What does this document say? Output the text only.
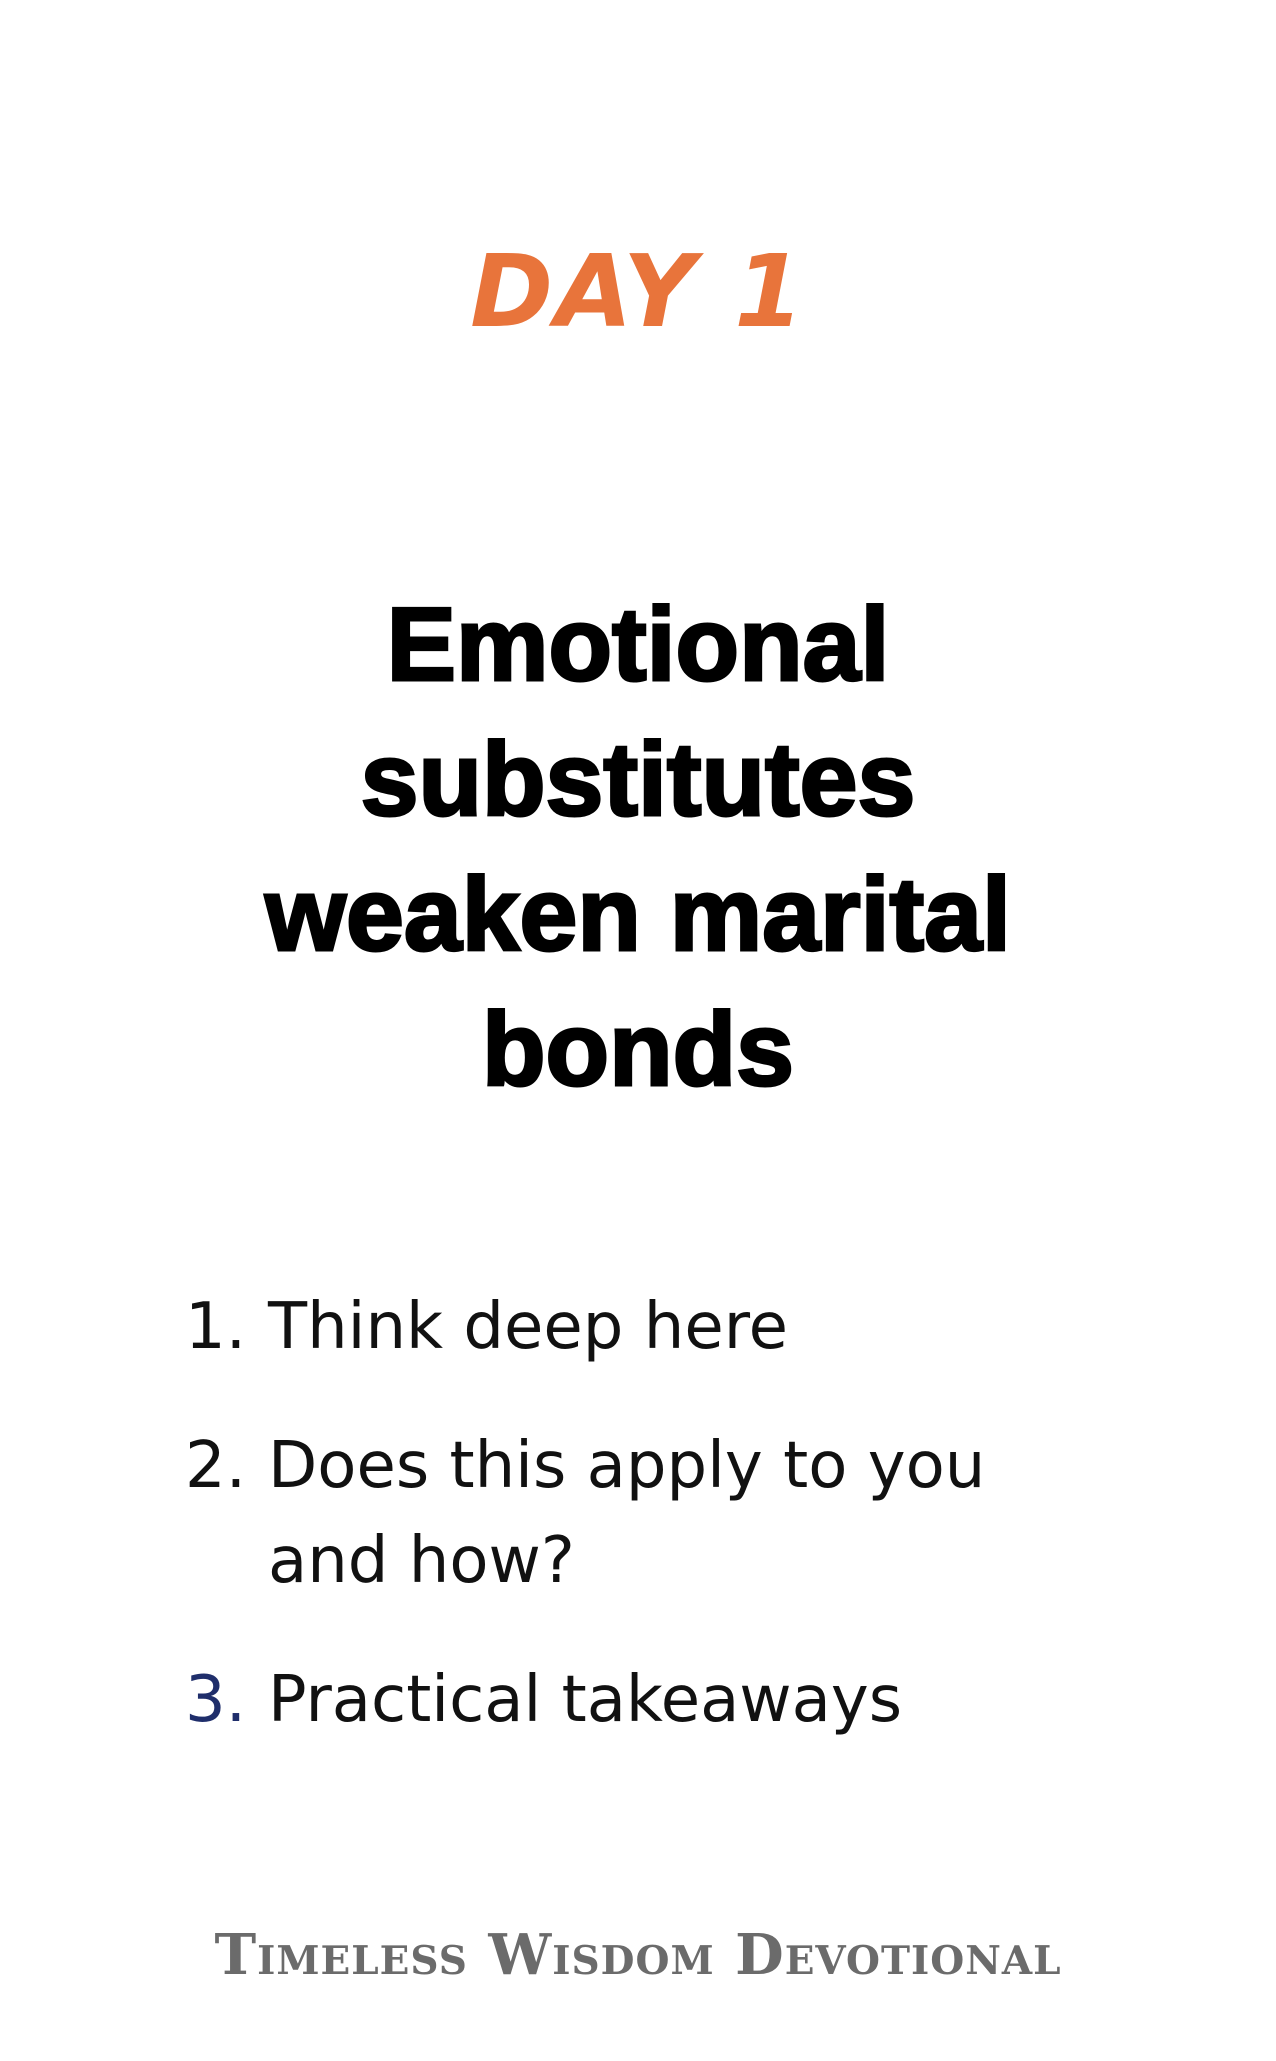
DAY 1
Emotional
substitutes
weaken marital
bonds
1. Think deep here
2. Does this apply to you and how?
3. Practical takeaways
Timeless Wisdom Devotional
